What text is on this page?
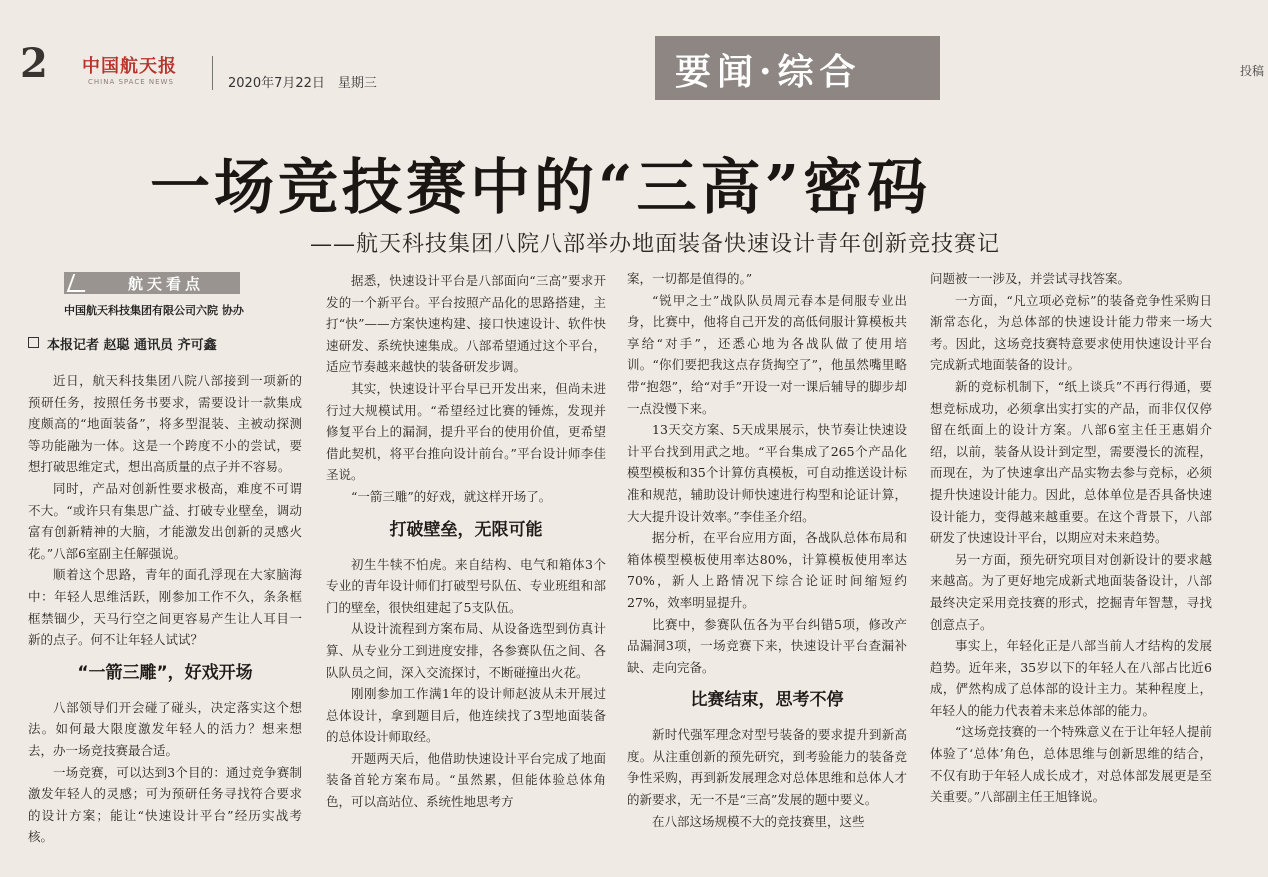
2 中国航天报
CHINA SPACE NEWS	2020年7月22日　星期三	要闻·综合	投稿
一场竞技赛中的“三高”密码
——航天科技集团八院八部举办地面装备快速设计青年创新竞技赛记
航天看点
中国航天科技集团有限公司六院 协办
本报记者 赵聪 通讯员 齐可鑫

近日，航天科技集团八院八部接到一项新的预研任务，按照任务书要求，需要设计一款集成度颇高的“地面装备”，将多型混装、主被动探测等功能融为一体。这是一个跨度不小的尝试，要想打破思维定式，想出高质量的点子并不容易。

同时，产品对创新性要求极高，难度不可谓不大。“或许只有集思广益、打破专业壁垒，调动富有创新精神的大脑，才能激发出创新的灵感火花。”八部6室副主任解强说。

顺着这个思路，青年的面孔浮现在大家脑海中：年轻人思维活跃，刚参加工作不久，条条框框禁锢少，天马行空之间更容易产生让人耳目一新的点子。何不让年轻人试试？

“一箭三雕”，好戏开场

八部领导们开会碰了碰头，决定落实这个想法。如何最大限度激发年轻人的活力？想来想去，办一场竞技赛最合适。

一场竞赛，可以达到3个目的：通过竞争赛制激发年轻人的灵感；可为预研任务寻找符合要求的设计方案；能让“快速设计平台”经历实战考核。

据悉，快速设计平台是八部面向“三高”要求开发的一个新平台。平台按照产品化的思路搭建，主打“快”——方案快速构建、接口快速设计、软件快速研发、系统快速集成。八部希望通过这个平台，适应节奏越来越快的装备研发步调。

其实，快速设计平台早已开发出来，但尚未进行过大规模试用。“希望经过比赛的锤炼，发现并修复平台上的漏洞，提升平台的使用价值，更希望借此契机，将平台推向设计前台。”平台设计师李佳圣说。

“一箭三雕”的好戏，就这样开场了。

打破壁垒，无限可能

初生牛犊不怕虎。来自结构、电气和箱体3个专业的青年设计师们打破型号队伍、专业班组和部门的壁垒，很快组建起了5支队伍。

从设计流程到方案布局、从设备选型到仿真计算、从专业分工到进度安排，各参赛队伍之间、各队队员之间，深入交流探讨，不断碰撞出火花。

刚刚参加工作满1年的设计师赵波从未开展过总体设计，拿到题目后，他连续找了3型地面装备的总体设计师取经。

开题两天后，他借助快速设计平台完成了地面装备首轮方案布局。“虽然累，但能体验总体角色，可以高站位、系统性地思考方

案，一切都是值得的。”

“锐甲之士”战队队员周元春本是伺服专业出身，比赛中，他将自己开发的高低伺服计算模板共享给“对手”，还悉心地为各战队做了使用培训。“你们要把我这点存货掏空了”，他虽然嘴里略带“抱怨”，给“对手”开设一对一课后辅导的脚步却一点没慢下来。

13天交方案、5天成果展示，快节奏让快速设计平台找到用武之地。“平台集成了265个产品化模型模板和35个计算仿真模板，可自动推送设计标准和规范，辅助设计师快速进行构型和论证计算，大大提升设计效率。”李佳圣介绍。

据分析，在平台应用方面，各战队总体布局和箱体模型模板使用率达80%，计算模板使用率达70%，新人上路情况下综合论证时间缩短约27%，效率明显提升。

比赛中，参赛队伍各为平台纠错5项，修改产品漏洞3项，一场竞赛下来，快速设计平台查漏补缺、走向完备。

比赛结束，思考不停

新时代强军理念对型号装备的要求提升到新高度。从注重创新的预先研究，到考验能力的装备竞争性采购，再到新发展理念对总体思维和总体人才的新要求，无一不是“三高”发展的题中要义。

在八部这场规模不大的竞技赛里，这些

问题被一一涉及，并尝试寻找答案。

一方面，“凡立项必竞标”的装备竞争性采购日渐常态化，为总体部的快速设计能力带来一场大考。因此，这场竞技赛特意要求使用快速设计平台完成新式地面装备的设计。

新的竞标机制下，“纸上谈兵”不再行得通，要想竞标成功，必须拿出实打实的产品，而非仅仅停留在纸面上的设计方案。八部6室主任王惠娟介绍，以前，装备从设计到定型，需要漫长的流程，而现在，为了快速拿出产品实物去参与竞标，必须提升快速设计能力。因此，总体单位是否具备快速设计能力，变得越来越重要。在这个背景下，八部研发了快速设计平台，以期应对未来趋势。

另一方面，预先研究项目对创新设计的要求越来越高。为了更好地完成新式地面装备设计，八部最终决定采用竞技赛的形式，挖掘青年智慧，寻找创意点子。

事实上，年轻化正是八部当前人才结构的发展趋势。近年来，35岁以下的年轻人在八部占比近6成，俨然构成了总体部的设计主力。某种程度上，年轻人的能力代表着未来总体部的能力。

“这场竞技赛的一个特殊意义在于让年轻人提前体验了‘总体’角色，总体思维与创新思维的结合，不仅有助于年轻人成长成才，对总体部发展更是至关重要。”八部副主任王旭锋说。
